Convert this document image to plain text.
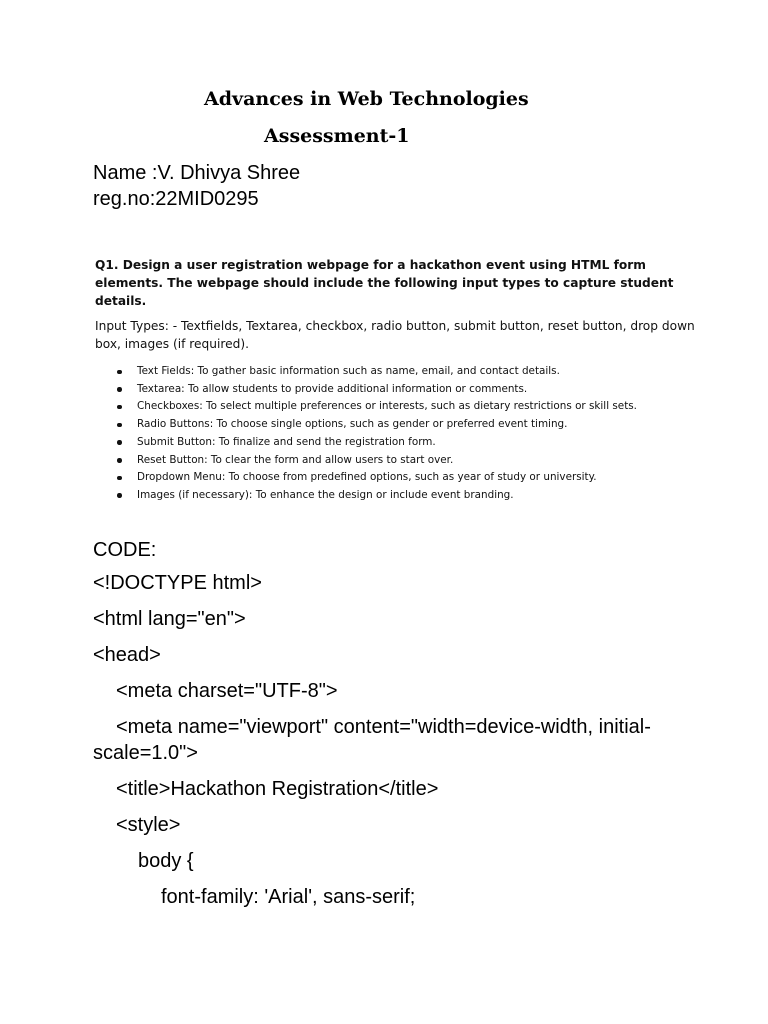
Advances in Web Technologies
Assessment-1
Name :V. Dhivya Shree
reg.no:22MID0295

Q1. Design a user registration webpage for a hackathon event using HTML form elements. The webpage should include the following input types to capture student details.

Input Types: - Textfields, Textarea, checkbox, radio button, submit button, reset button, drop down box, images (if required).

Text Fields: To gather basic information such as name, email, and contact details.
Textarea: To allow students to provide additional information or comments.
Checkboxes: To select multiple preferences or interests, such as dietary restrictions or skill sets.
Radio Buttons: To choose single options, such as gender or preferred event timing.
Submit Button: To finalize and send the registration form.
Reset Button: To clear the form and allow users to start over.
Dropdown Menu: To choose from predefined options, such as year of study or university.
Images (if necessary): To enhance the design or include event branding.
CODE:
<!DOCTYPE html>
<html lang="en">
<head>
<meta charset="UTF-8">
<meta name="viewport" content="width=device-width, initial-
scale=1.0">
<title>Hackathon Registration</title>
<style>
body {
font-family: 'Arial', sans-serif;
